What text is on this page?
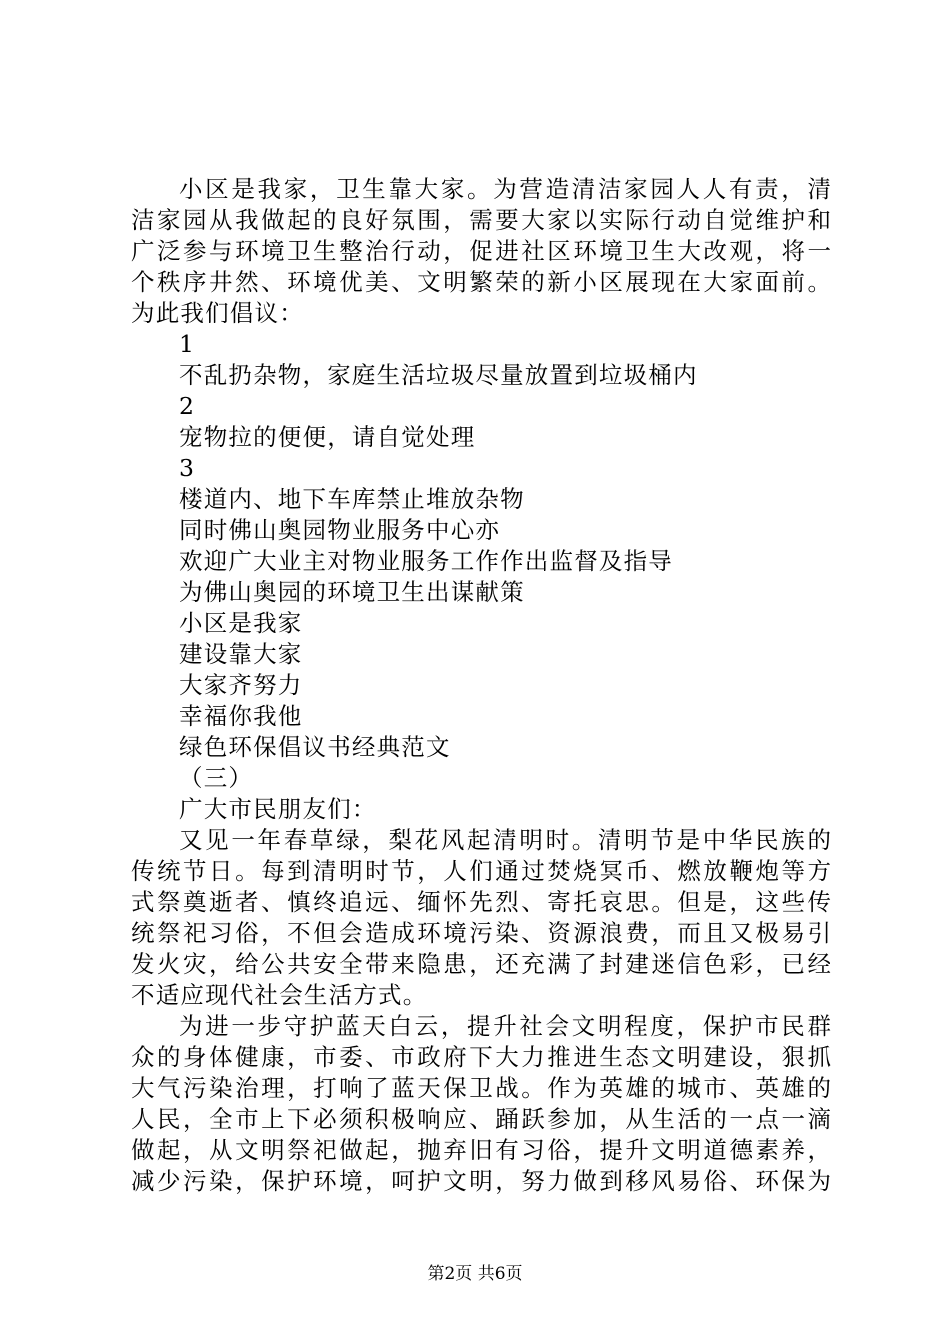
小区是我家，卫生靠大家。为营造清洁家园人人有责，清
洁家园从我做起的良好氛围，需要大家以实际行动自觉维护和
广泛参与环境卫生整治行动，促进社区环境卫生大改观，将一
个秩序井然、环境优美、文明繁荣的新小区展现在大家面前。
为此我们倡议：
1
不乱扔杂物，家庭生活垃圾尽量放置到垃圾桶内
2
宠物拉的便便，请自觉处理
3
楼道内、地下车库禁止堆放杂物
同时佛山奥园物业服务中心亦
欢迎广大业主对物业服务工作作出监督及指导
为佛山奥园的环境卫生出谋献策
小区是我家
建设靠大家
大家齐努力
幸福你我他
绿色环保倡议书经典范文
（三）
广大市民朋友们：
又见一年春草绿，梨花风起清明时。清明节是中华民族的
传统节日。每到清明时节，人们通过焚烧冥币、燃放鞭炮等方
式祭奠逝者、慎终追远、缅怀先烈、寄托哀思。但是，这些传
统祭祀习俗，不但会造成环境污染、资源浪费，而且又极易引
发火灾，给公共安全带来隐患，还充满了封建迷信色彩，已经
不适应现代社会生活方式。
为进一步守护蓝天白云，提升社会文明程度，保护市民群
众的身体健康，市委、市政府下大力推进生态文明建设，狠抓
大气污染治理，打响了蓝天保卫战。作为英雄的城市、英雄的
人民，全市上下必须积极响应、踊跃参加，从生活的一点一滴
做起，从文明祭祀做起，抛弃旧有习俗，提升文明道德素养，
减少污染，保护环境，呵护文明，努力做到移风易俗、环保为
第2页 共6页
